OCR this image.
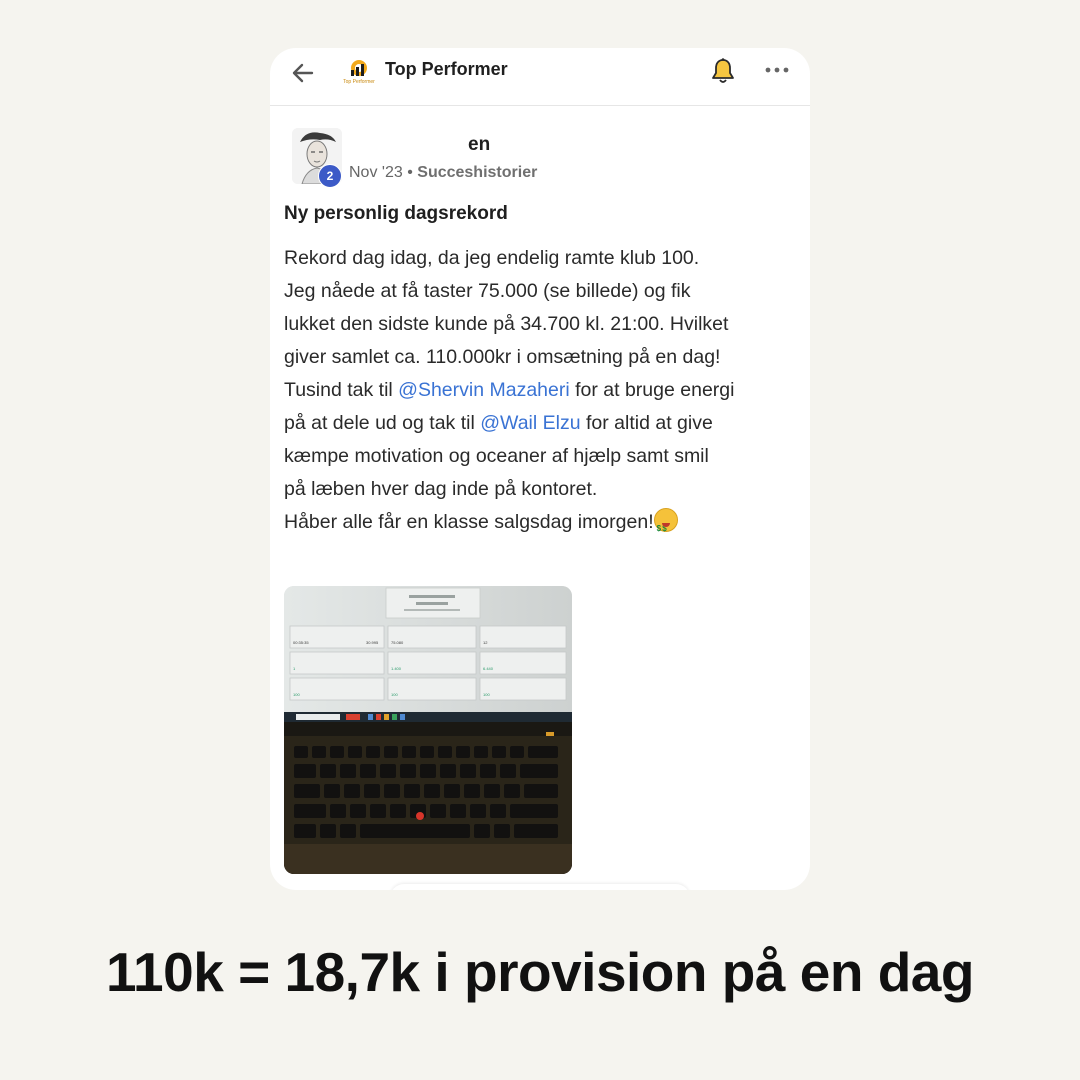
Top Performer
Top Performer
2
en
Nov '23 • Succeshistorier
Ny personlig dagsrekord
Rekord dag idag, da jeg endelig ramte klub 100.
Jeg nåede at få taster 75.000 (se billede) og fik
lukket den sidste kunde på 34.700 kl. 21:00. Hvilket
giver samlet ca. 110.000kr i omsætning på en dag!
Tusind tak til @Shervin Mazaheri for at bruge energi
på at dele ud og tak til @Wail Elzu for altid at give
kæmpe motivation og oceaner af hjælp samt smil
på læben hver dag inde på kontoret.
Håber alle får en klasse salgsdag imorgen!$ $
00:35:35	30.995	75.080	12
1	1.400	6.440
100	100	100
110k = 18,7k i provision på en dag
